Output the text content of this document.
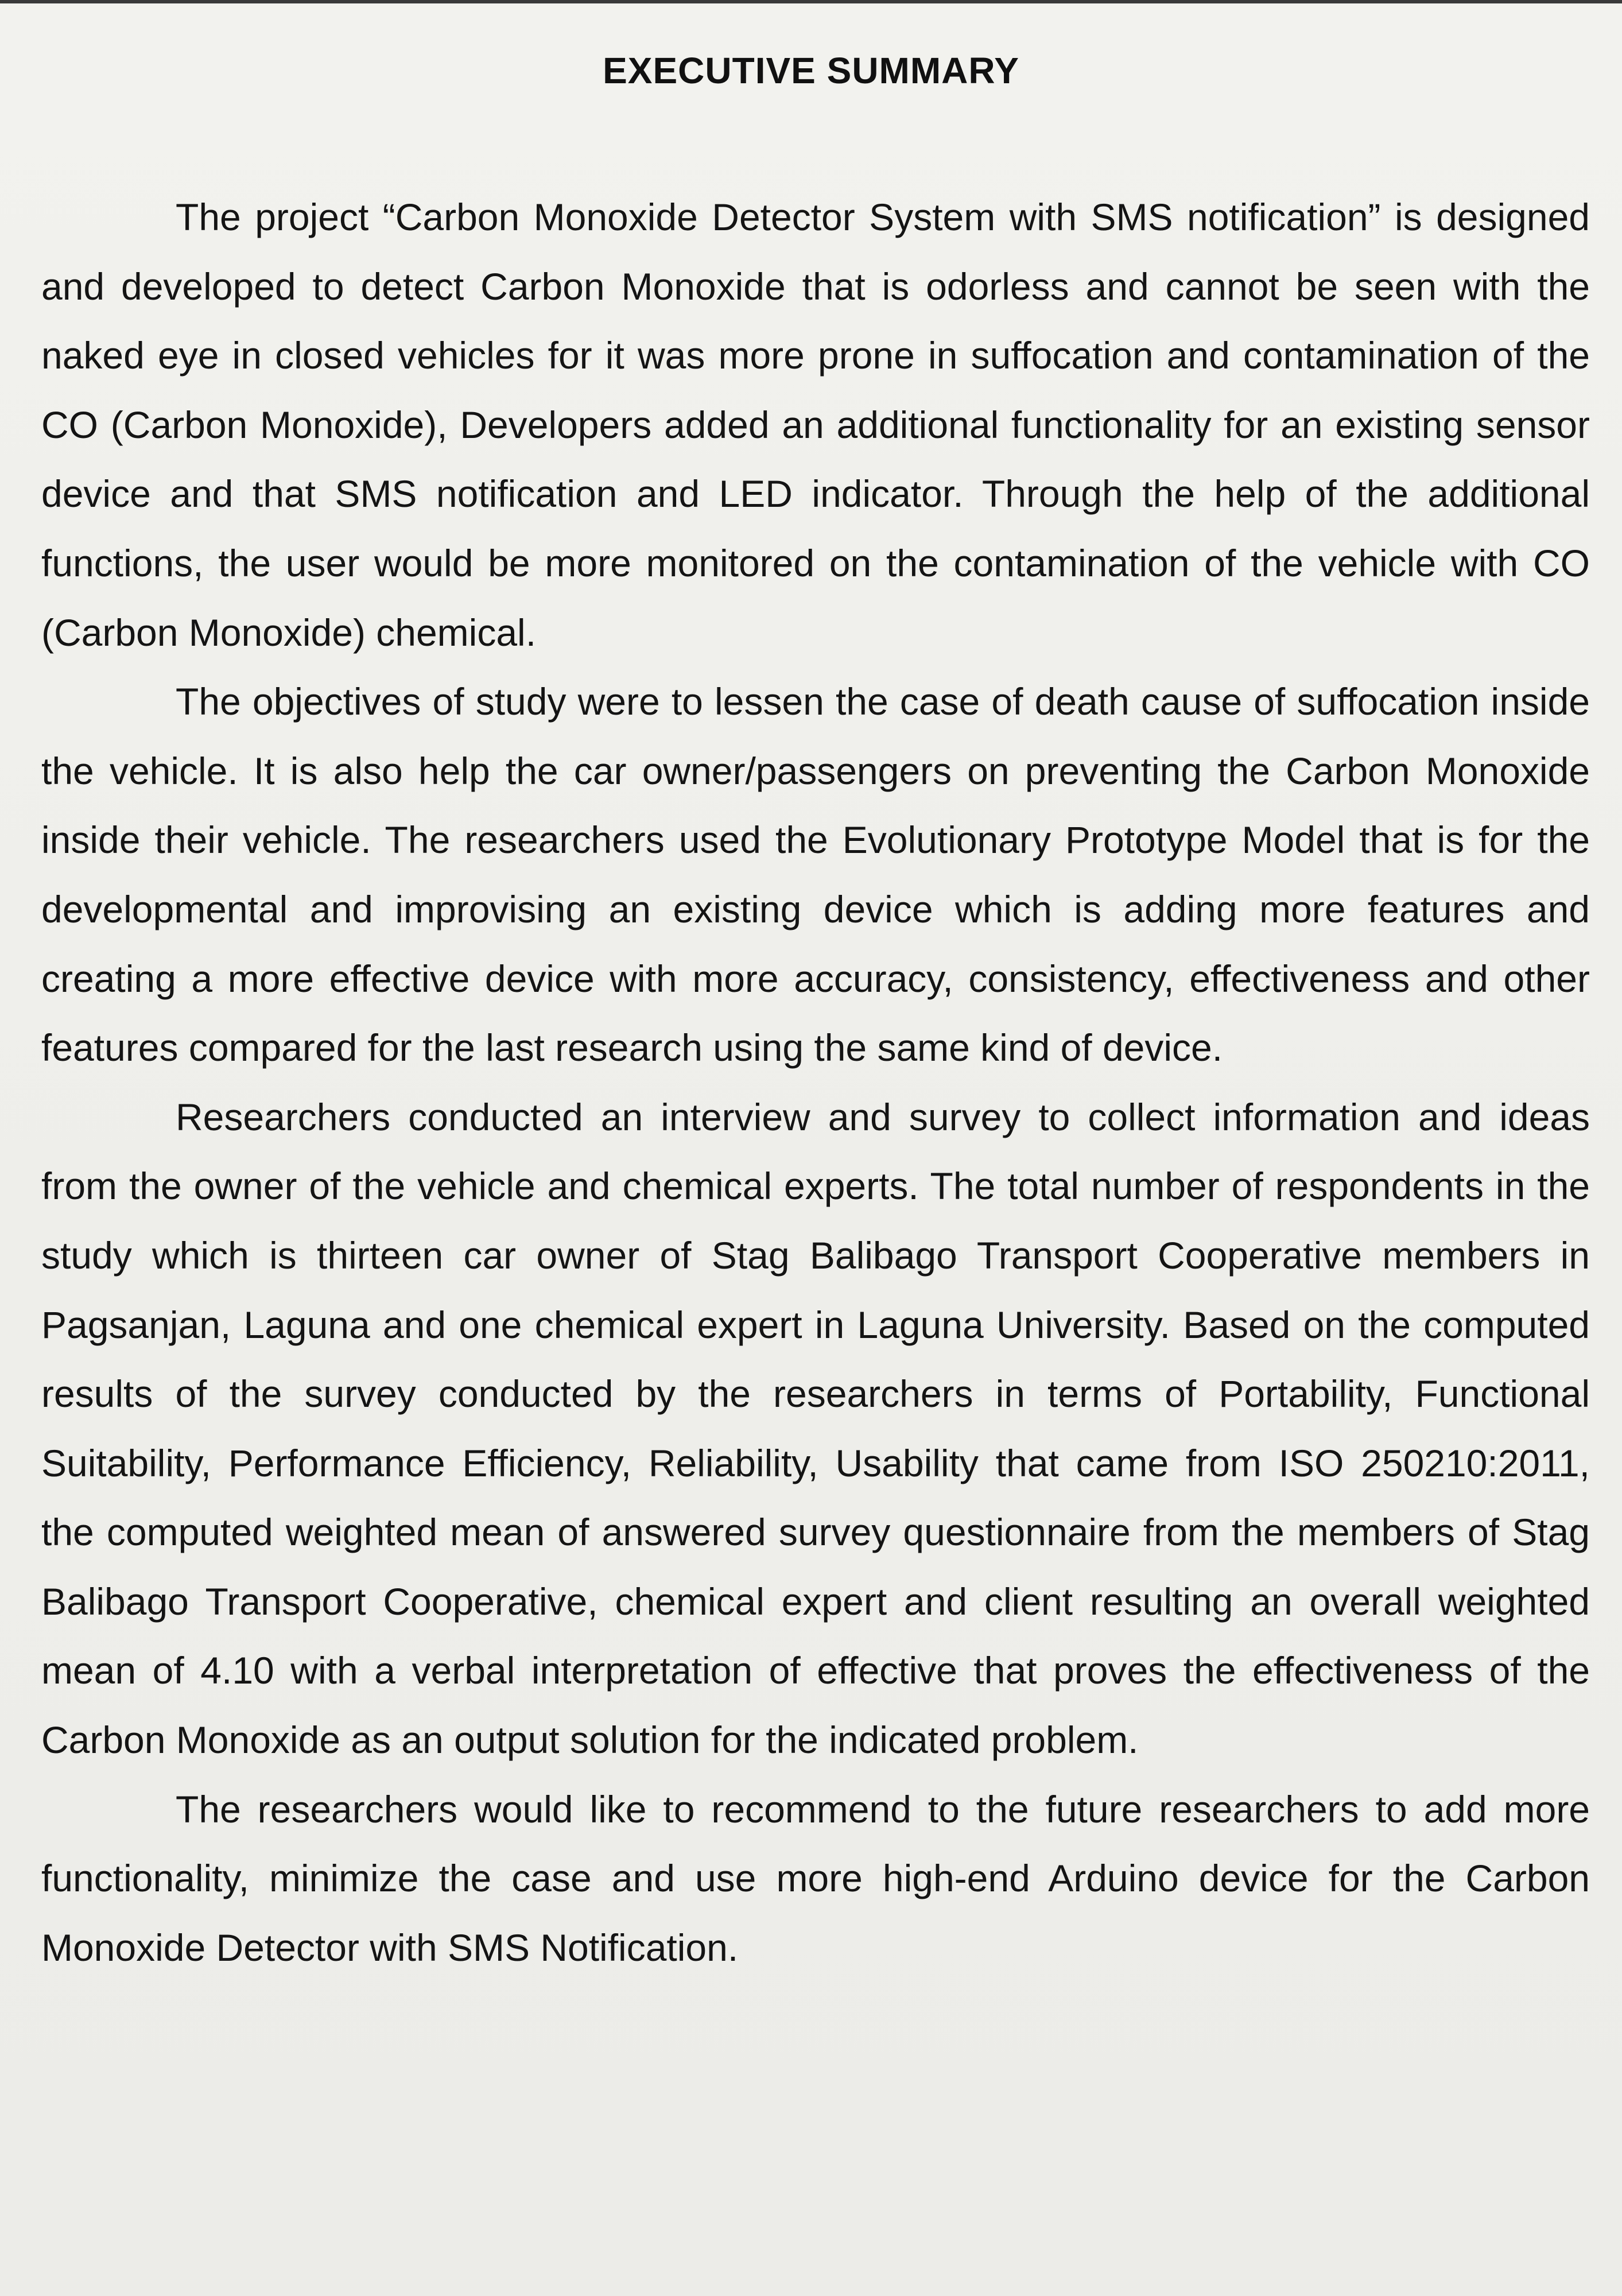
EXECUTIVE SUMMARY

The project “Carbon Monoxide Detector System with SMS notification” is designed and developed to detect Carbon Monoxide that is odorless and cannot be seen with the naked eye in closed vehicles for it was more prone in suffocation and contamination of the CO (Carbon Monoxide), Developers added an additional functionality for an existing sensor device and that SMS notification and LED indicator. Through the help of the additional functions, the user would be more monitored on the contamination of the vehicle with CO (Carbon Monoxide) chemical.

The objectives of study were to lessen the case of death cause of suffocation inside the vehicle. It is also help the car owner/passengers on preventing the Carbon Monoxide inside their vehicle. The researchers used the Evolutionary Prototype Model that is for the developmental and improvising an existing device which is adding more features and creating a more effective device with more accuracy, consistency, effectiveness and other features compared for the last research using the same kind of device.

Researchers conducted an interview and survey to collect information and ideas from the owner of the vehicle and chemical experts. The total number of respondents in the study which is thirteen car owner of Stag Balibago Transport Cooperative members in Pagsanjan, Laguna and one chemical expert in Laguna University. Based on the computed results of the survey conducted by the researchers in terms of Portability, Functional Suitability, Performance Efficiency, Reliability, Usability that came from ISO 250210:2011, the computed weighted mean of answered survey questionnaire from the members of Stag Balibago Transport Cooperative, chemical expert and client resulting an overall weighted mean of 4.10 with a verbal interpretation of effective that proves the effectiveness of the Carbon Monoxide as an output solution for the indicated problem.

The researchers would like to recommend to the future researchers to add more functionality, minimize the case and use more high-end Arduino device for the Carbon Monoxide Detector with SMS Notification.
